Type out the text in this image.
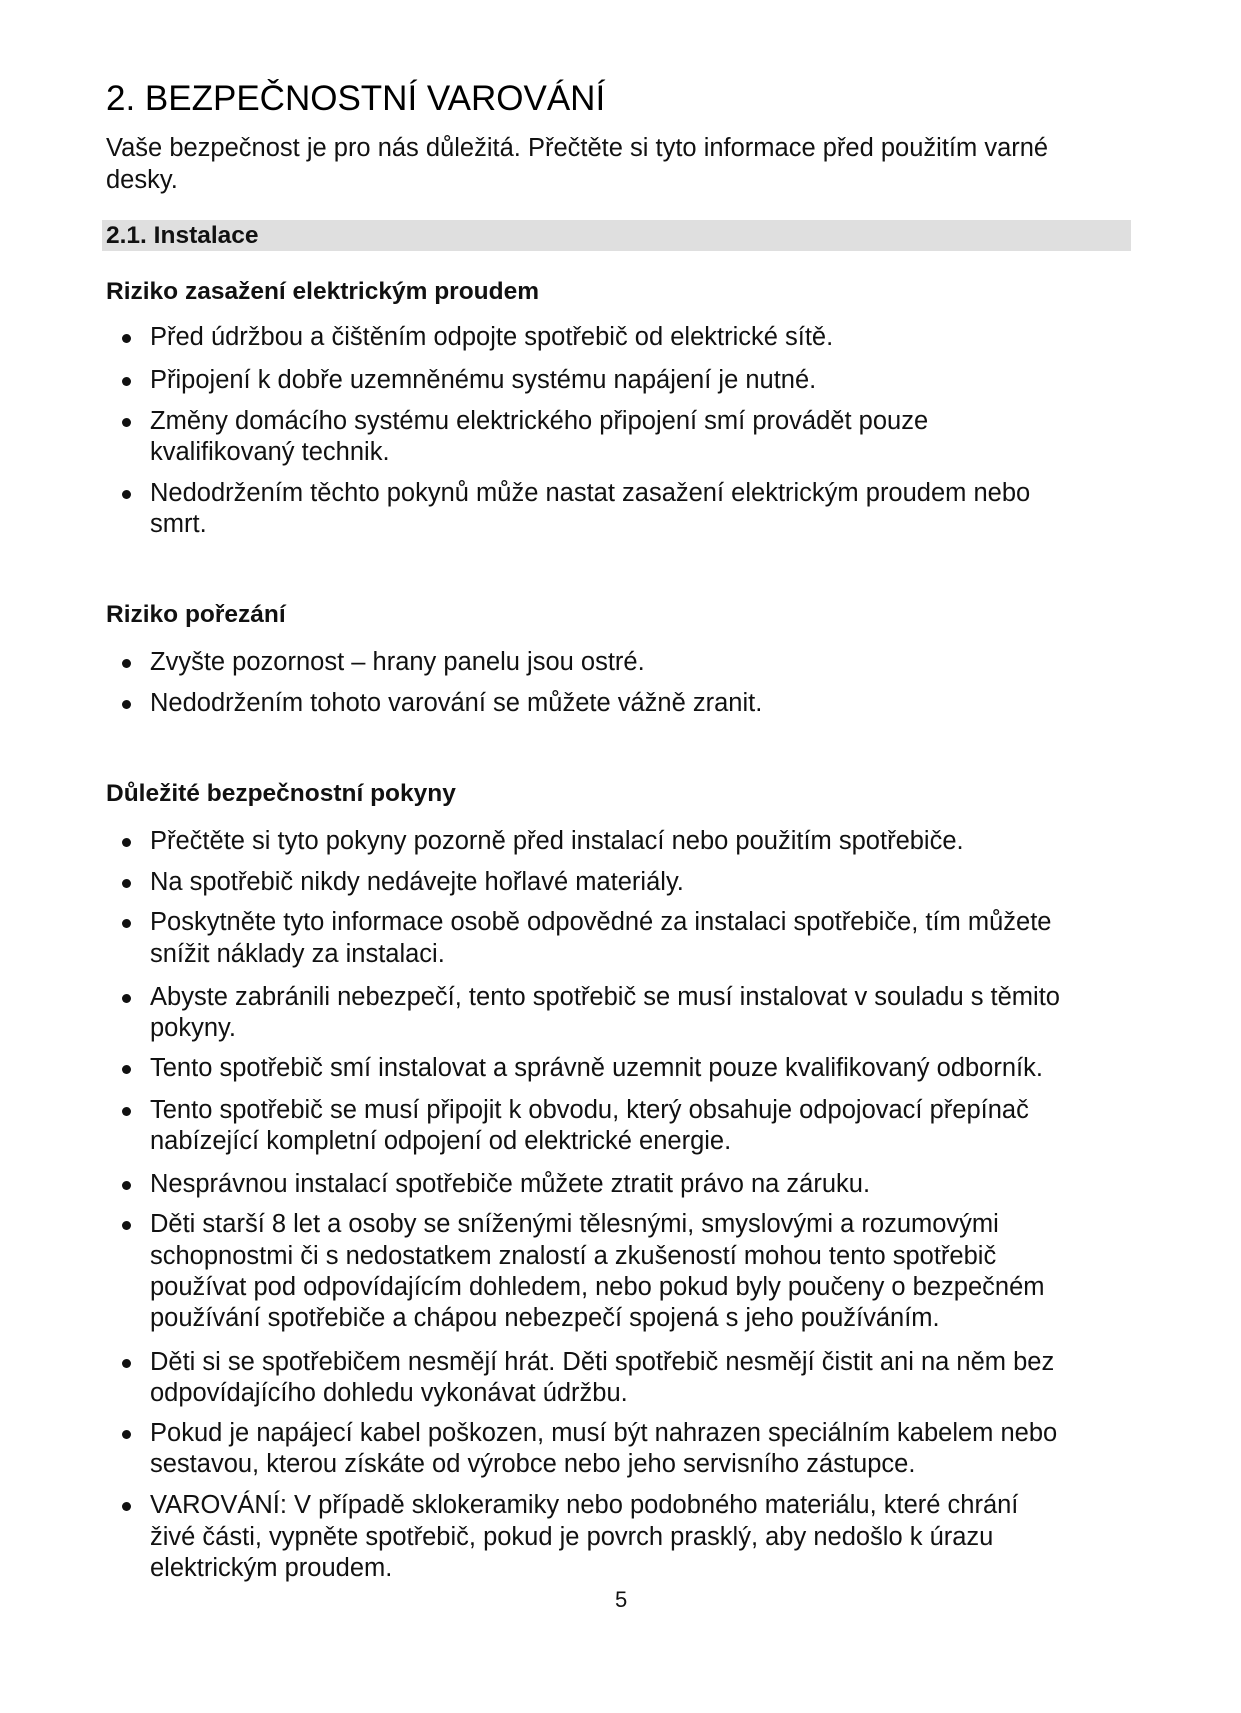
2. BEZPEČNOSTNÍ VAROVÁNÍ
Vaše bezpečnost je pro nás důležitá. Přečtěte si tyto informace před použitím varné
desky.
2.1. Instalace
Riziko zasažení elektrickým proudem
Před údržbou a čištěním odpojte spotřebič od elektrické sítě.
Připojení k dobře uzemněnému systému napájení je nutné.
Změny domácího systému elektrického připojení smí provádět pouze
kvalifikovaný technik.
Nedodržením těchto pokynů může nastat zasažení elektrickým proudem nebo
smrt.
Riziko pořezání
Zvyšte pozornost – hrany panelu jsou ostré.
Nedodržením tohoto varování se můžete vážně zranit.
Důležité bezpečnostní pokyny
Přečtěte si tyto pokyny pozorně před instalací nebo použitím spotřebiče.
Na spotřebič nikdy nedávejte hořlavé materiály.
Poskytněte tyto informace osobě odpovědné za instalaci spotřebiče, tím můžete
snížit náklady za instalaci.
Abyste zabránili nebezpečí, tento spotřebič se musí instalovat v souladu s těmito
pokyny.
Tento spotřebič smí instalovat a správně uzemnit pouze kvalifikovaný odborník.
Tento spotřebič se musí připojit k obvodu, který obsahuje odpojovací přepínač
nabízející kompletní odpojení od elektrické energie.
Nesprávnou instalací spotřebiče můžete ztratit právo na záruku.
Děti starší 8 let a osoby se sníženými tělesnými, smyslovými a rozumovými
schopnostmi či s nedostatkem znalostí a zkušeností mohou tento spotřebič
používat pod odpovídajícím dohledem, nebo pokud byly poučeny o bezpečném
používání spotřebiče a chápou nebezpečí spojená s jeho používáním.
Děti si se spotřebičem nesmějí hrát. Děti spotřebič nesmějí čistit ani na něm bez
odpovídajícího dohledu vykonávat údržbu.
Pokud je napájecí kabel poškozen, musí být nahrazen speciálním kabelem nebo
sestavou, kterou získáte od výrobce nebo jeho servisního zástupce.
VAROVÁNÍ: V případě sklokeramiky nebo podobného materiálu, které chrání
živé části, vypněte spotřebič, pokud je povrch prasklý, aby nedošlo k úrazu
elektrickým proudem.
5
